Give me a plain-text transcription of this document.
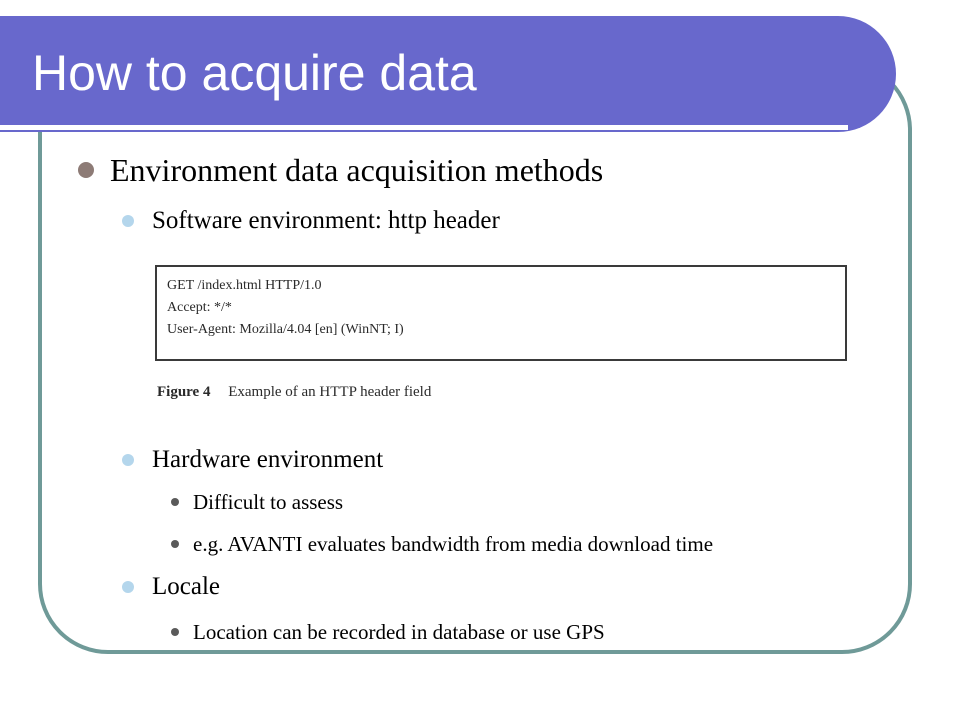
How to acquire data
Environment data acquisition methods
Software environment: http header
GET /index.html HTTP/1.0
Accept: */*
User-Agent: Mozilla/4.04 [en] (WinNT; I)
Figure 4 Example of an HTTP header field
Hardware environment
Difficult to assess
e.g. AVANTI evaluates bandwidth from media download time
Locale
Location can be recorded in database or use GPS
